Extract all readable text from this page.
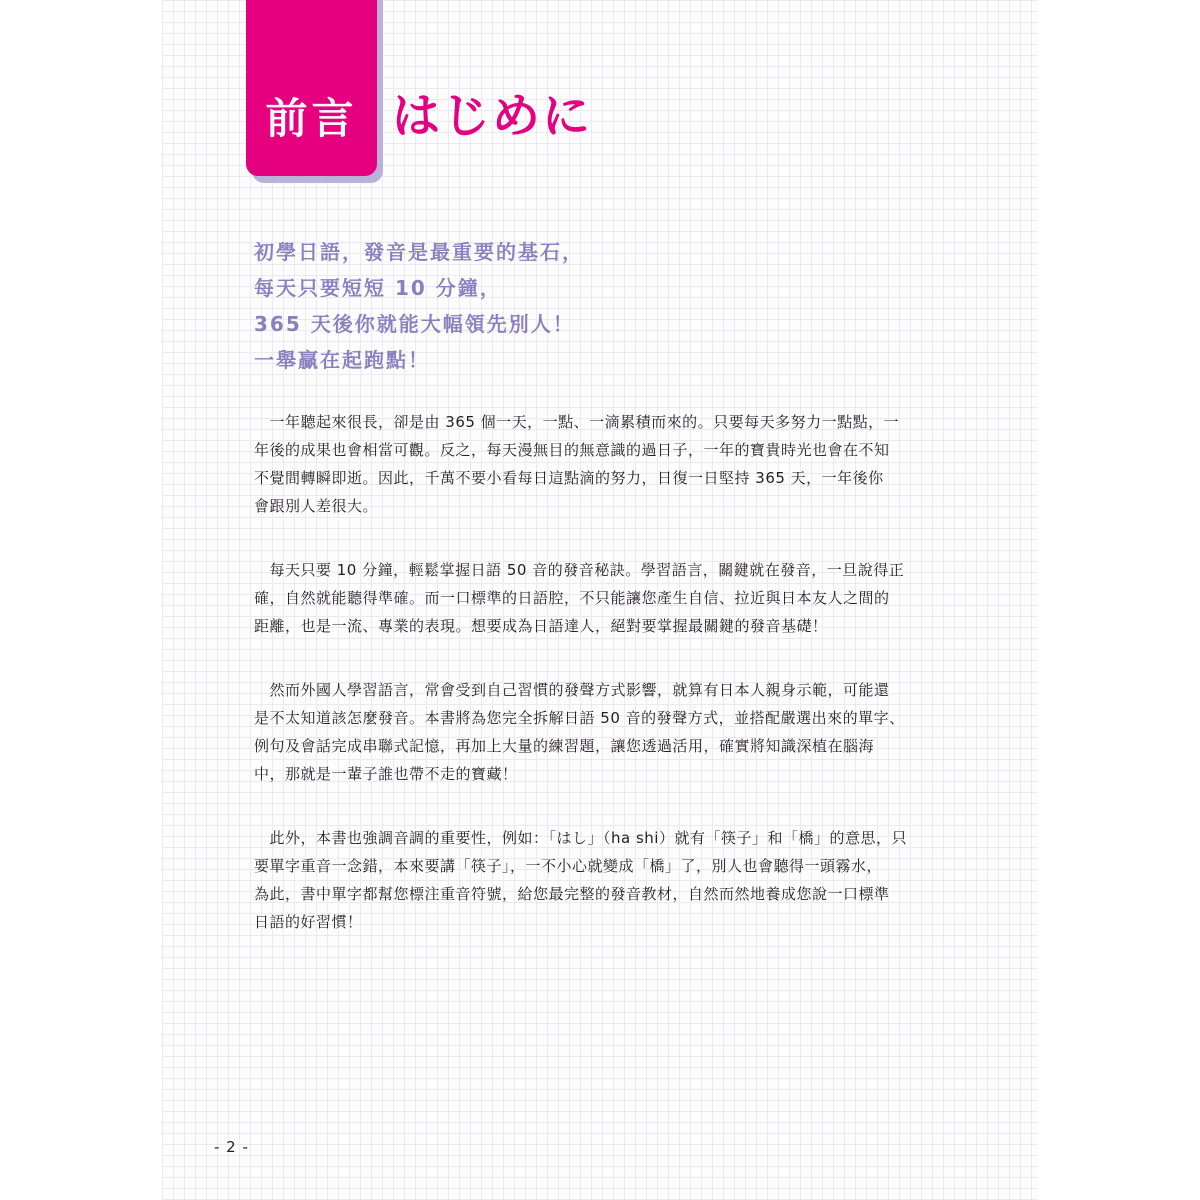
前言 はじめに
初學日語，發音是最重要的基石，
每天只要短短 10 分鐘，
365 天後你就能大幅領先別人！
一舉贏在起跑點！
　一年聽起來很長，卻是由 365 個一天，一點、一滴累積而來的。只要每天多努力一點點，一
年後的成果也會相當可觀。反之，每天漫無目的無意識的過日子，一年的寶貴時光也會在不知
不覺間轉瞬即逝。因此，千萬不要小看每日這點滴的努力，日復一日堅持 365 天，一年後你
會跟別人差很大。
　每天只要 10 分鐘，輕鬆掌握日語 50 音的發音秘訣。學習語言，關鍵就在發音，一旦說得正
確，自然就能聽得準確。而一口標準的日語腔，不只能讓您產生自信、拉近與日本友人之間的
距離，也是一流、專業的表現。想要成為日語達人，絕對要掌握最關鍵的發音基礎！
　然而外國人學習語言，常會受到自己習慣的發聲方式影響，就算有日本人親身示範，可能還
是不太知道該怎麼發音。本書將為您完全拆解日語 50 音的發聲方式，並搭配嚴選出來的單字、
例句及會話完成串聯式記憶，再加上大量的練習題，讓您透過活用，確實將知識深植在腦海
中，那就是一輩子誰也帶不走的寶藏！
　此外，本書也強調音調的重要性，例如：「はし」（ha shi）就有「筷子」和「橋」的意思，只
要單字重音一念錯，本來要講「筷子」，一不小心就變成「橋」了，別人也會聽得一頭霧水，
為此，書中單字都幫您標注重音符號，給您最完整的發音教材，自然而然地養成您說一口標準
日語的好習慣！
- 2 -
